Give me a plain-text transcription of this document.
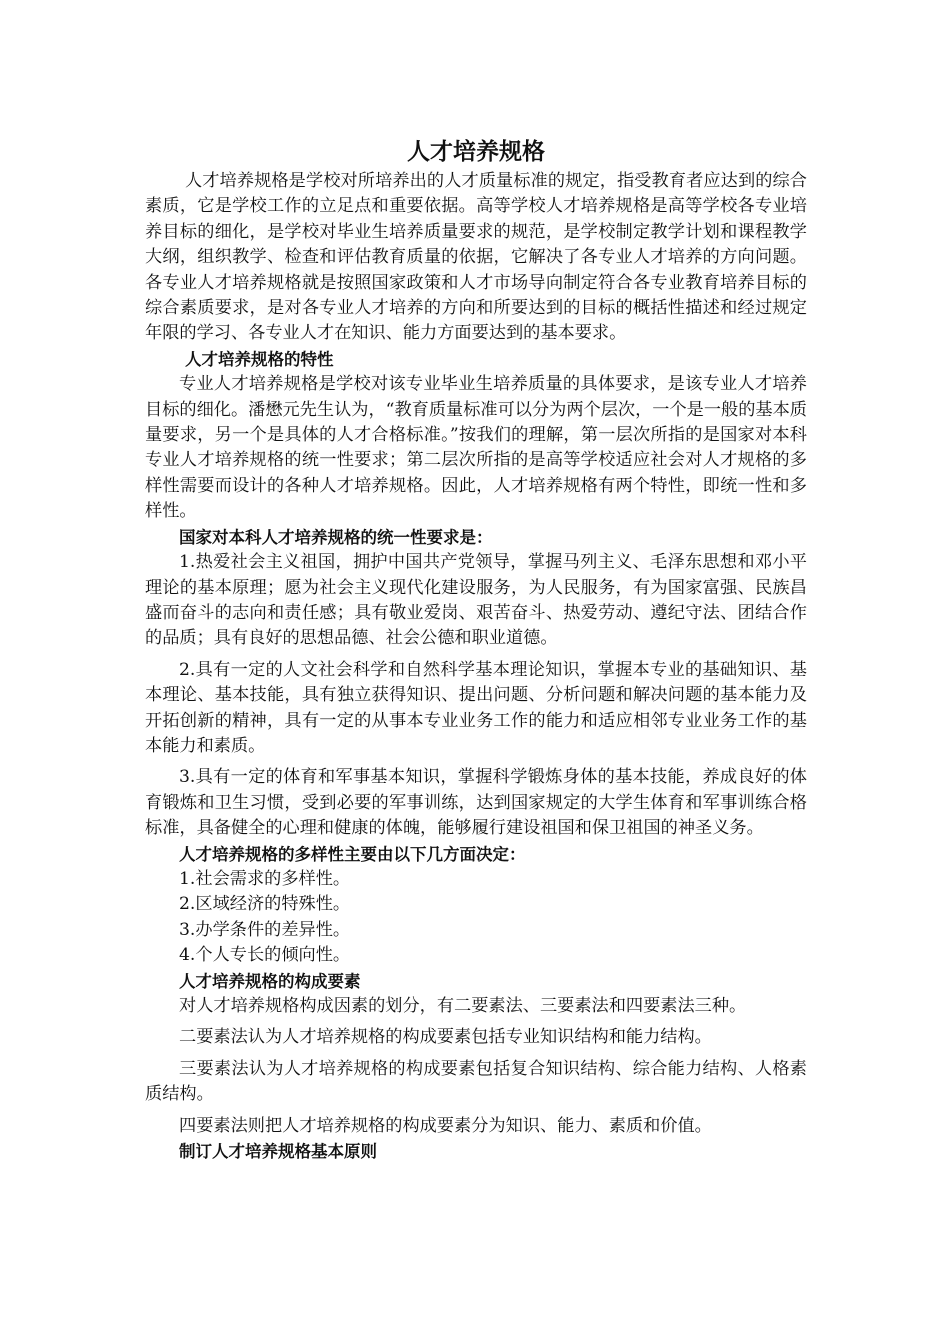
人才培养规格

人才培养规格是学校对所培养出的人才质量标准的规定，指受教育者应达到的综合素质，它是学校工作的立足点和重要依据。高等学校人才培养规格是高等学校各专业培养目标的细化，是学校对毕业生培养质量要求的规范，是学校制定教学计划和课程教学大纲，组织教学、检查和评估教育质量的依据，它解决了各专业人才培养的方向问题。各专业人才培养规格就是按照国家政策和人才市场导向制定符合各专业教育培养目标的综合素质要求，是对各专业人才培养的方向和所要达到的目标的概括性描述和经过规定年限的学习、各专业人才在知识、能力方面要达到的基本要求。

人才培养规格的特性

专业人才培养规格是学校对该专业毕业生培养质量的具体要求，是该专业人才培养目标的细化。潘懋元先生认为，“教育质量标准可以分为两个层次，一个是一般的基本质量要求，另一个是具体的人才合格标准。”按我们的理解，第一层次所指的是国家对本科专业人才培养规格的统一性要求；第二层次所指的是高等学校适应社会对人才规格的多样性需要而设计的各种人才培养规格。因此，人才培养规格有两个特性，即统一性和多样性。

国家对本科人才培养规格的统一性要求是：

1.热爱社会主义祖国，拥护中国共产党领导，掌握马列主义、毛泽东思想和邓小平理论的基本原理；愿为社会主义现代化建设服务，为人民服务，有为国家富强、民族昌盛而奋斗的志向和责任感；具有敬业爱岗、艰苦奋斗、热爱劳动、遵纪守法、团结合作的品质；具有良好的思想品德、社会公德和职业道德。

2.具有一定的人文社会科学和自然科学基本理论知识，掌握本专业的基础知识、基本理论、基本技能，具有独立获得知识、提出问题、分析问题和解决问题的基本能力及开拓创新的精神，具有一定的从事本专业业务工作的能力和适应相邻专业业务工作的基本能力和素质。

3.具有一定的体育和军事基本知识，掌握科学锻炼身体的基本技能，养成良好的体育锻炼和卫生习惯，受到必要的军事训练，达到国家规定的大学生体育和军事训练合格标准，具备健全的心理和健康的体魄，能够履行建设祖国和保卫祖国的神圣义务。

人才培养规格的多样性主要由以下几方面决定：

1.社会需求的多样性。

2.区域经济的特殊性。

3.办学条件的差异性。

4.个人专长的倾向性。

人才培养规格的构成要素

对人才培养规格构成因素的划分，有二要素法、三要素法和四要素法三种。

二要素法认为人才培养规格的构成要素包括专业知识结构和能力结构。

三要素法认为人才培养规格的构成要素包括复合知识结构、综合能力结构、人格素质结构。

四要素法则把人才培养规格的构成要素分为知识、能力、素质和价值。

制订人才培养规格基本原则
